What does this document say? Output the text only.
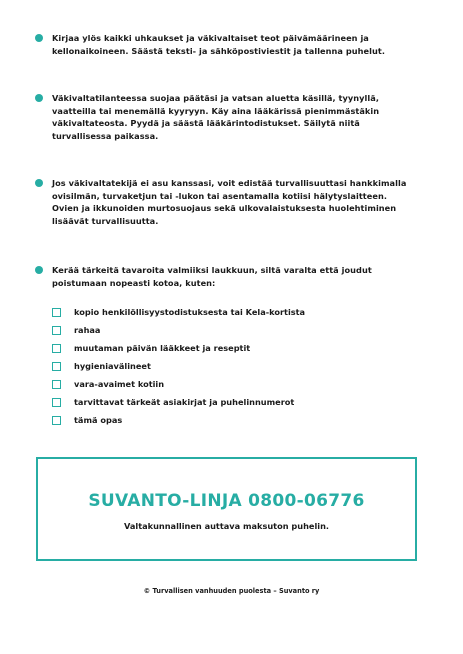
Kirjaa ylös kaikki uhkaukset ja väkivaltaiset teot päivämäärineen ja kellonaikoineen. Säästä teksti- ja sähköpostiviestit ja tallenna puhelut.
Väkivaltatilanteessa suojaa päätäsi ja vatsan aluetta käsillä, tyynyllä, vaatteilla tai menemällä kyyryyn. Käy aina lääkärissä pienimmästäkin väkivaltateosta. Pyydä ja säästä lääkärintodistukset. Säilytä niitä turvallisessa paikassa.
Jos väkivaltatekijä ei asu kanssasi, voit edistää turvallisuuttasi hankkimalla ovisilmän, turvaketjun tai -lukon tai asentamalla kotiisi hälytyslaitteen. Ovien ja ikkunoiden murtosuojaus sekä ulkovalaistuksesta huolehtiminen lisäävät turvallisuutta.
Kerää tärkeitä tavaroita valmiiksi laukkuun, siltä varalta että joudut poistumaan nopeasti kotoa, kuten:
kopio henkilöllisyystodistuksesta tai Kela-kortista
rahaa
muutaman päivän lääkkeet ja reseptit
hygieniavälineet
vara-avaimet kotiin
tarvittavat tärkeät asiakirjat ja puhelinnumerot
tämä opas
SUVANTO-LINJA 0800-06776
Valtakunnallinen auttava maksuton puhelin.
© Turvallisen vanhuuden puolesta – Suvanto ry
